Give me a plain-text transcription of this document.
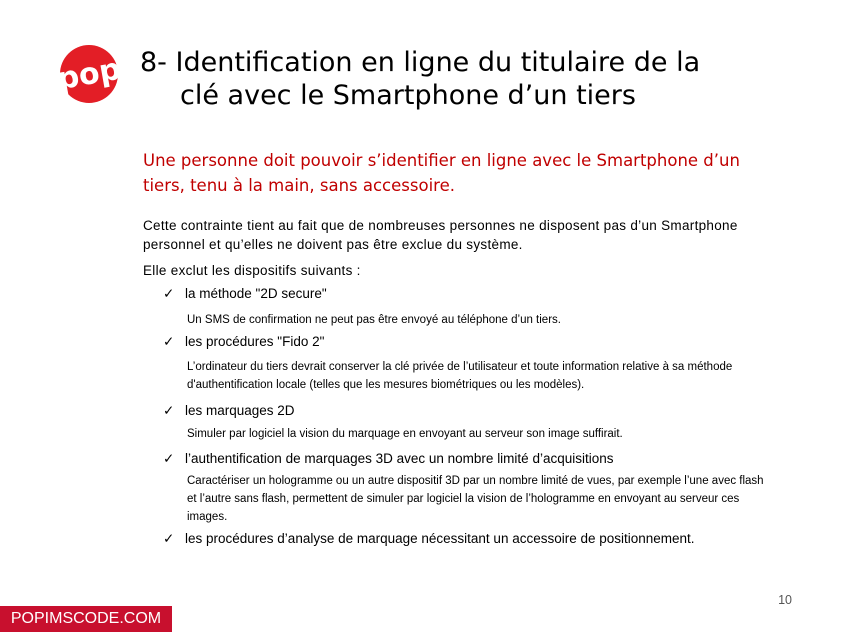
pop 8- Identification en ligne du titulaire de la
clé avec le Smartphone d’un tiers
Une personne doit pouvoir s’identifier en ligne avec le Smartphone d’un tiers, tenu à la main, sans accessoire.
Cette contrainte tient au fait que de nombreuses personnes ne disposent pas d’un Smartphone personnel et qu’elles ne doivent pas être exclue du système.
Elle exclut les dispositifs suivants :
✓ la méthode "2D secure"
Un SMS de confirmation ne peut pas être envoyé au téléphone d’un tiers.
✓ les procédures "Fido 2"
L’ordinateur du tiers devrait conserver la clé privée de l’utilisateur et toute information relative à sa méthode d'authentification locale (telles que les mesures biométriques ou les modèles).
✓ les marquages 2D
Simuler par logiciel la vision du marquage en envoyant au serveur son image suffirait.
✓ l’authentification de marquages 3D avec un nombre limité d’acquisitions
Caractériser un hologramme ou un autre dispositif 3D par un nombre limité de vues, par exemple l’une avec flash et l’autre sans flash, permettent de simuler par logiciel la vision de l’hologramme en envoyant au serveur ces images.
✓ les procédures d’analyse de marquage nécessitant un accessoire de positionnement.
10
POPIMSCODE.COM
